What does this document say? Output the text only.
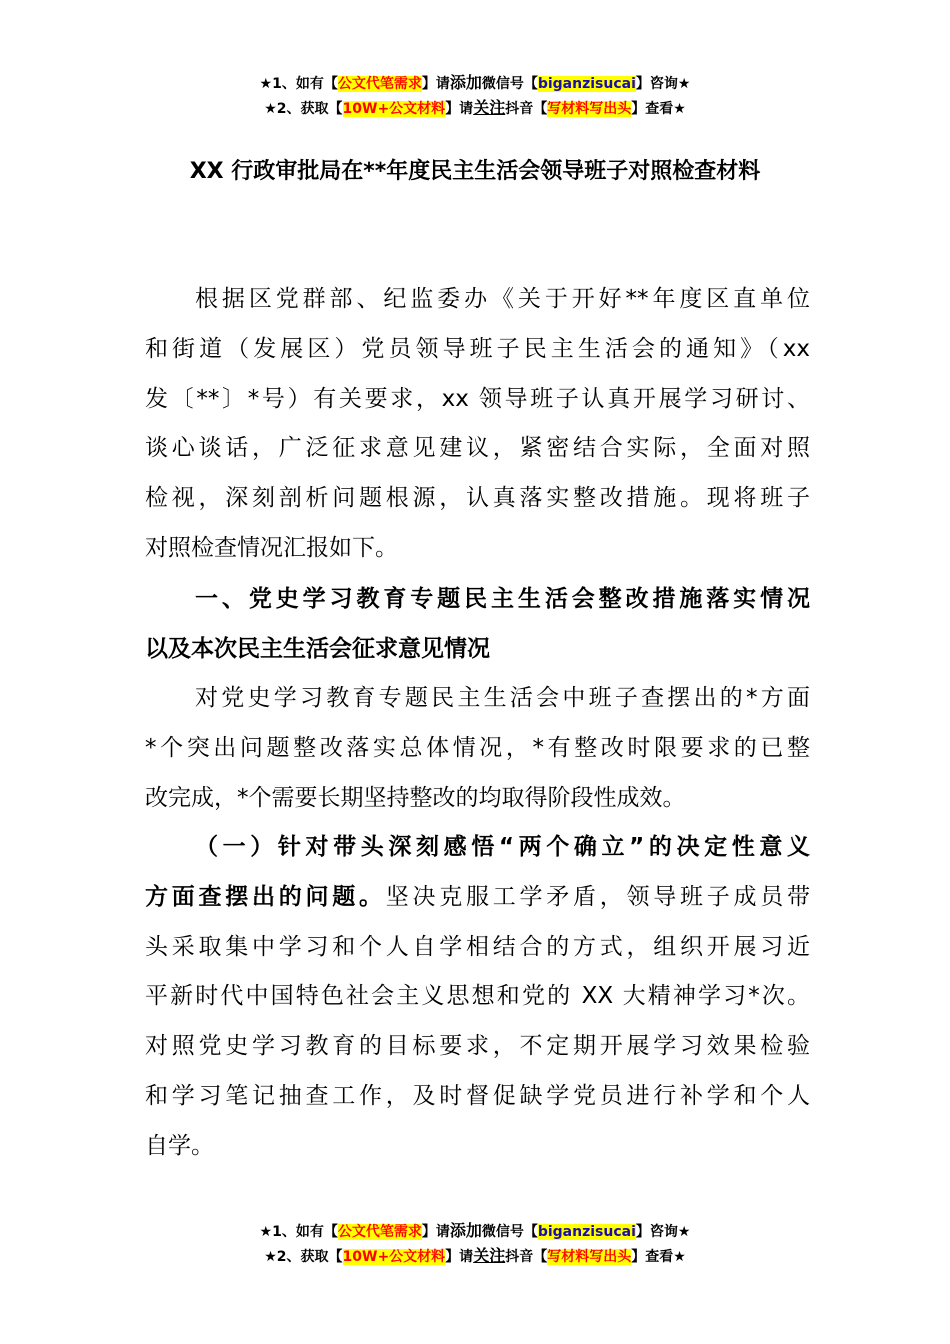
★1、如有【公文代笔需求】请添加微信号【biganzisucai】咨询★
★2、获取【10W+公文材料】请关注抖音【写材料写出头】查看★
XX 行政审批局在**年度民主生活会领导班子对照检查材料

根据区党群部、纪监委办《关于开好**年度区直单位
和街道（发展区）党员领导班子民主生活会的通知》（xx
发〔**〕*号）有关要求，xx 领导班子认真开展学习研讨、
谈心谈话，广泛征求意见建议，紧密结合实际，全面对照
检视，深刻剖析问题根源，认真落实整改措施。现将班子
对照检查情况汇报如下。

一、党史学习教育专题民主生活会整改措施落实情况
以及本次民主生活会征求意见情况

对党史学习教育专题民主生活会中班子查摆出的*方面
*个突出问题整改落实总体情况，*有整改时限要求的已整
改完成，*个需要长期坚持整改的均取得阶段性成效。

（一）针对带头深刻感悟“两个确立”的决定性意义
方面查摆出的问题。坚决克服工学矛盾，领导班子成员带
头采取集中学习和个人自学相结合的方式，组织开展习近
平新时代中国特色社会主义思想和党的 XX 大精神学习*次。
对照党史学习教育的目标要求，不定期开展学习效果检验
和学习笔记抽查工作，及时督促缺学党员进行补学和个人
自学。

★1、如有【公文代笔需求】请添加微信号【biganzisucai】咨询★
★2、获取【10W+公文材料】请关注抖音【写材料写出头】查看★
